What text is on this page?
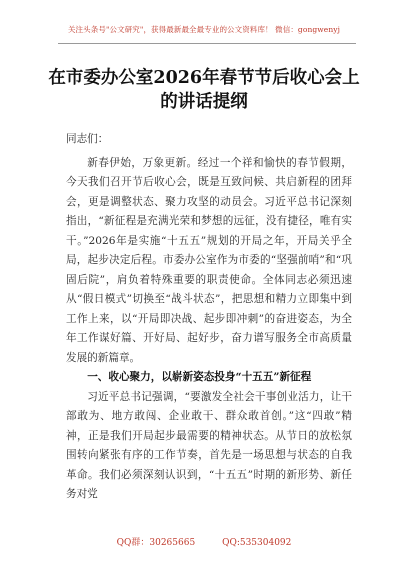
关注头条号"公文研究"，获得最新最全最专业的公文资料库！ 微信：gongwenyj
在市委办公室2026年春节节后收心会上
的讲话提纲

同志们：

新春伊始，万象更新。经过一个祥和愉快的春节假期，今天我们召开节后收心会，既是互致问候、共启新程的团拜会，更是调整状态、聚力攻坚的动员会。习近平总书记深刻指出，“新征程是充满光荣和梦想的远征，没有捷径，唯有实干。”2026年是实施“十五五”规划的开局之年，开局关乎全局，起步决定后程。市委办公室作为市委的“坚强前哨”和“巩固后院”，肩负着特殊重要的职责使命。全体同志必须迅速从“假日模式”切换至“战斗状态”，把思想和精力立即集中到工作上来，以“开局即决战、起步即冲刺”的奋进姿态，为全年工作谋好篇、开好局、起好步，奋力谱写服务全市高质量发展的新篇章。

一、收心聚力，以崭新姿态投身“十五五”新征程

习近平总书记强调，“要激发全社会干事创业活力，让干部敢为、地方敢闯、企业敢干、群众敢首创。”这“四敢”精神，正是我们开局起步最需要的精神状态。从节日的放松氛围转向紧张有序的工作节奏，首先是一场思想与状态的自我革命。我们必须深刻认识到，“十五五”时期的新形势、新任务对党

QQ群：30265665	QQ:535304092
